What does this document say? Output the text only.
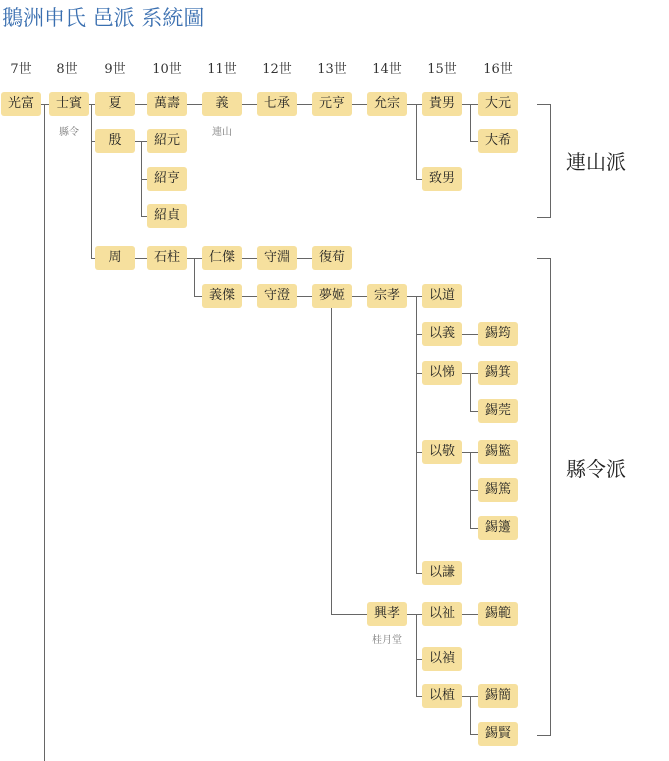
鵝洲申氏 邑派 系統圖
7世	8世	9世	10世	11世	12世	13世	14世	15世	16世
光富	士賓	夏	萬壽	義	七承	元亨	允宗	貴男	大元
縣令	連山
大希
致男
殷	紹元
紹亨
紹貞
周	石柱	仁傑	守淵	復荀
義傑	守澄	夢姬	宗孝	以道
以義	錫筠
以悌	錫箕
錫莞
以敬	錫籃
錫篤
錫籩
以謙
興孝
桂月堂
以祉	錫範
以禎
以植	錫簡
錫賢
連山派
縣令派
